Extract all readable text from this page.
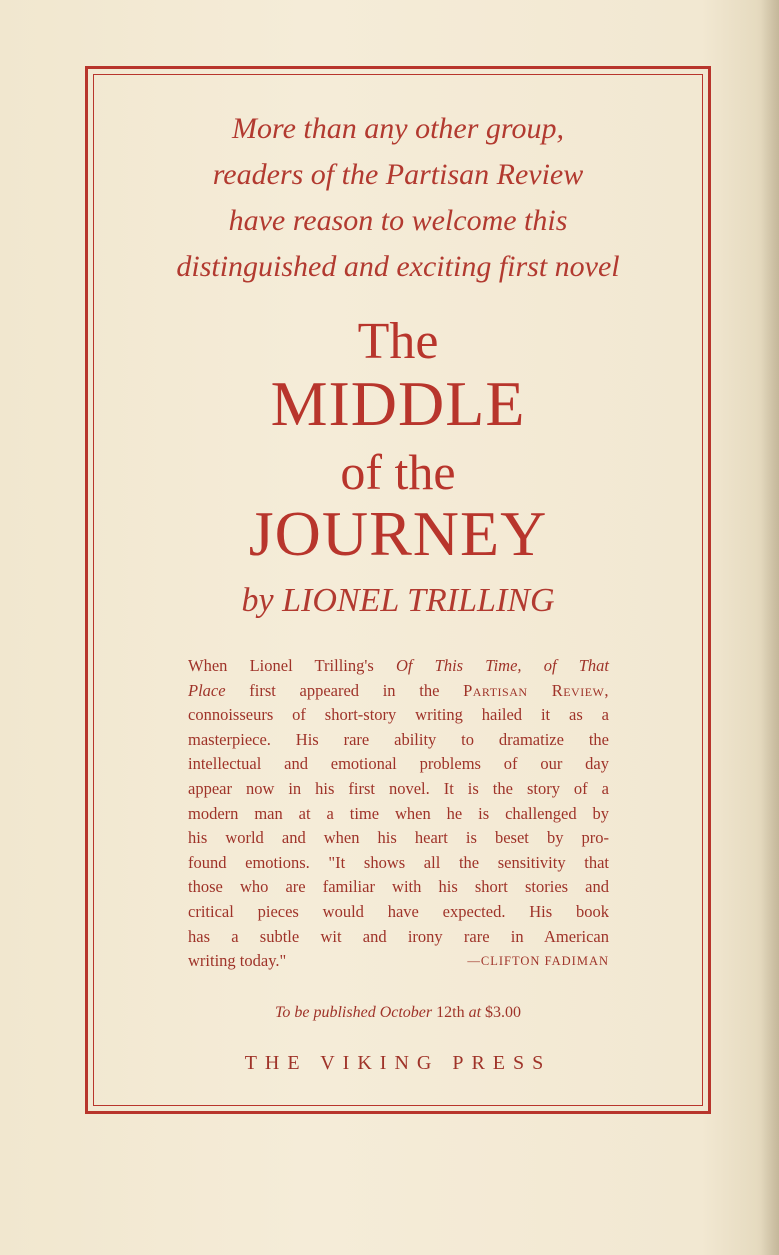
More than any other group,
readers of the Partisan Review
have reason to welcome this
distinguished and exciting first novel
The
MIDDLE
of the
JOURNEY
by LIONEL TRILLING
When Lionel Trilling's Of This Time, of That
Place first appeared in the Partisan Review,
connoisseurs of short-story writing hailed it as a
masterpiece. His rare ability to dramatize the
intellectual and emotional problems of our day
appear now in his first novel. It is the story of a
modern man at a time when he is challenged by
his world and when his heart is beset by pro-
found emotions. "It shows all the sensitivity that
those who are familiar with his short stories and
critical pieces would have expected. His book
has a subtle wit and irony rare in American
writing today."	—CLIFTON FADIMAN
To be published October 12th at $3.00
THE VIKING PRESS
